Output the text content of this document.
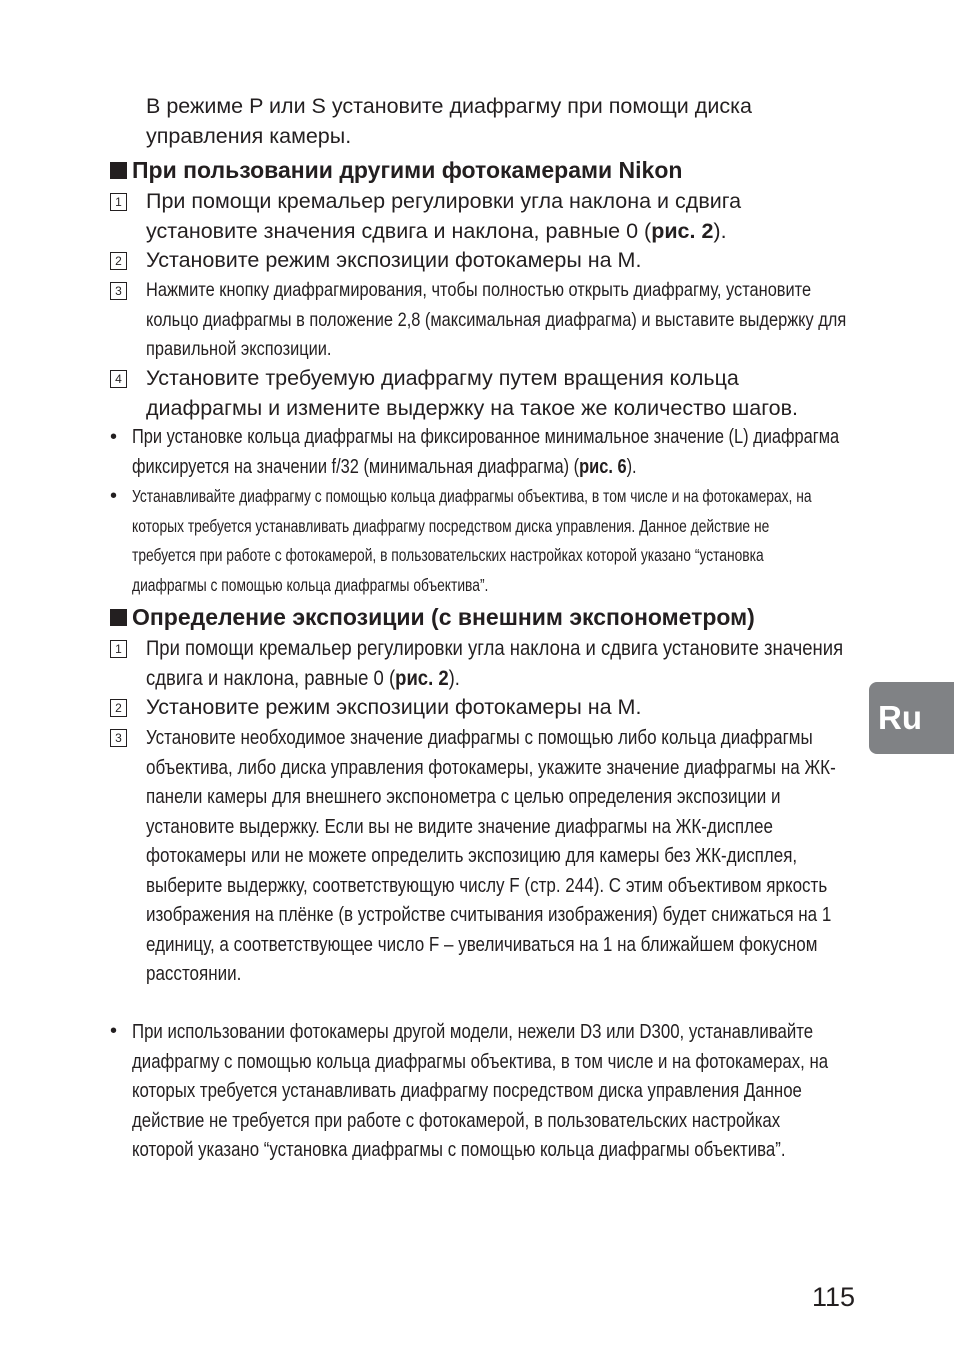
В режиме P или S установите диафрагму при помощи диска управления камеры.
При пользовании другими фотокамерами Nikon
1 При помощи кремальер регулировки угла наклона и сдвига установите значения сдвига и наклона, равные 0 (рис. 2).
2 Установите режим экспозиции фотокамеры на M.
3 Нажмите кнопку диафрагмирования, чтобы полностью открыть диафрагму, установите кольцо диафрагмы в положение 2,8 (максимальная диафрагма) и выставите выдержку для правильной экспозиции.
4 Установите требуемую диафрагму путем вращения кольца диафрагмы и измените выдержку на такое же количество шагов.
• При установке кольца диафрагмы на фиксированное минимальное значение (L) диафрагма фиксируется на значении f/32 (минимальная диафрагма) (рис. 6).
• Устанавливайте диафрагму с помощью кольца диафрагмы объектива, в том числе и на фотокамерах, на которых требуется устанавливать диафрагму посредством диска управления. Данное действие не требуется при работе с фотокамерой, в пользовательских настройках которой указано “установка диафрагмы с помощью кольца диафрагмы объектива”.
Определение экспозиции (с внешним экспонометром)
1 При помощи кремальер регулировки угла наклона и сдвига установите значения сдвига и наклона, равные 0 (рис. 2).
2 Установите режим экспозиции фотокамеры на M.
3 Установите необходимое значение диафрагмы с помощью либо кольца диафрагмы объектива, либо диска управления фотокамеры, укажите значение диафрагмы на ЖК-панели камеры для внешнего экспонометра с целью определения экспозиции и установите выдержку. Если вы не видите значение диафрагмы на ЖК-дисплее фотокамеры или не можете определить экспозицию для камеры без ЖК-дисплея, выберите выдержку, соответствующую числу F (стр. 244). С этим объективом яркость изображения на плёнке (в устройстве считывания изображения) будет снижаться на 1 единицу, а соответствующее число F – увеличиваться на 1 на ближайшем фокусном расстоянии.
• При использовании фотокамеры другой модели, нежели D3 или D300, устанавливайте диафрагму с помощью кольца диафрагмы объектива, в том числе и на фотокамерах, на которых требуется устанавливать диафрагму посредством диска управления Данное действие не требуется при работе с фотокамерой, в пользовательских настройках которой указано “установка диафрагмы с помощью кольца диафрагмы объектива”.
Ru
115
